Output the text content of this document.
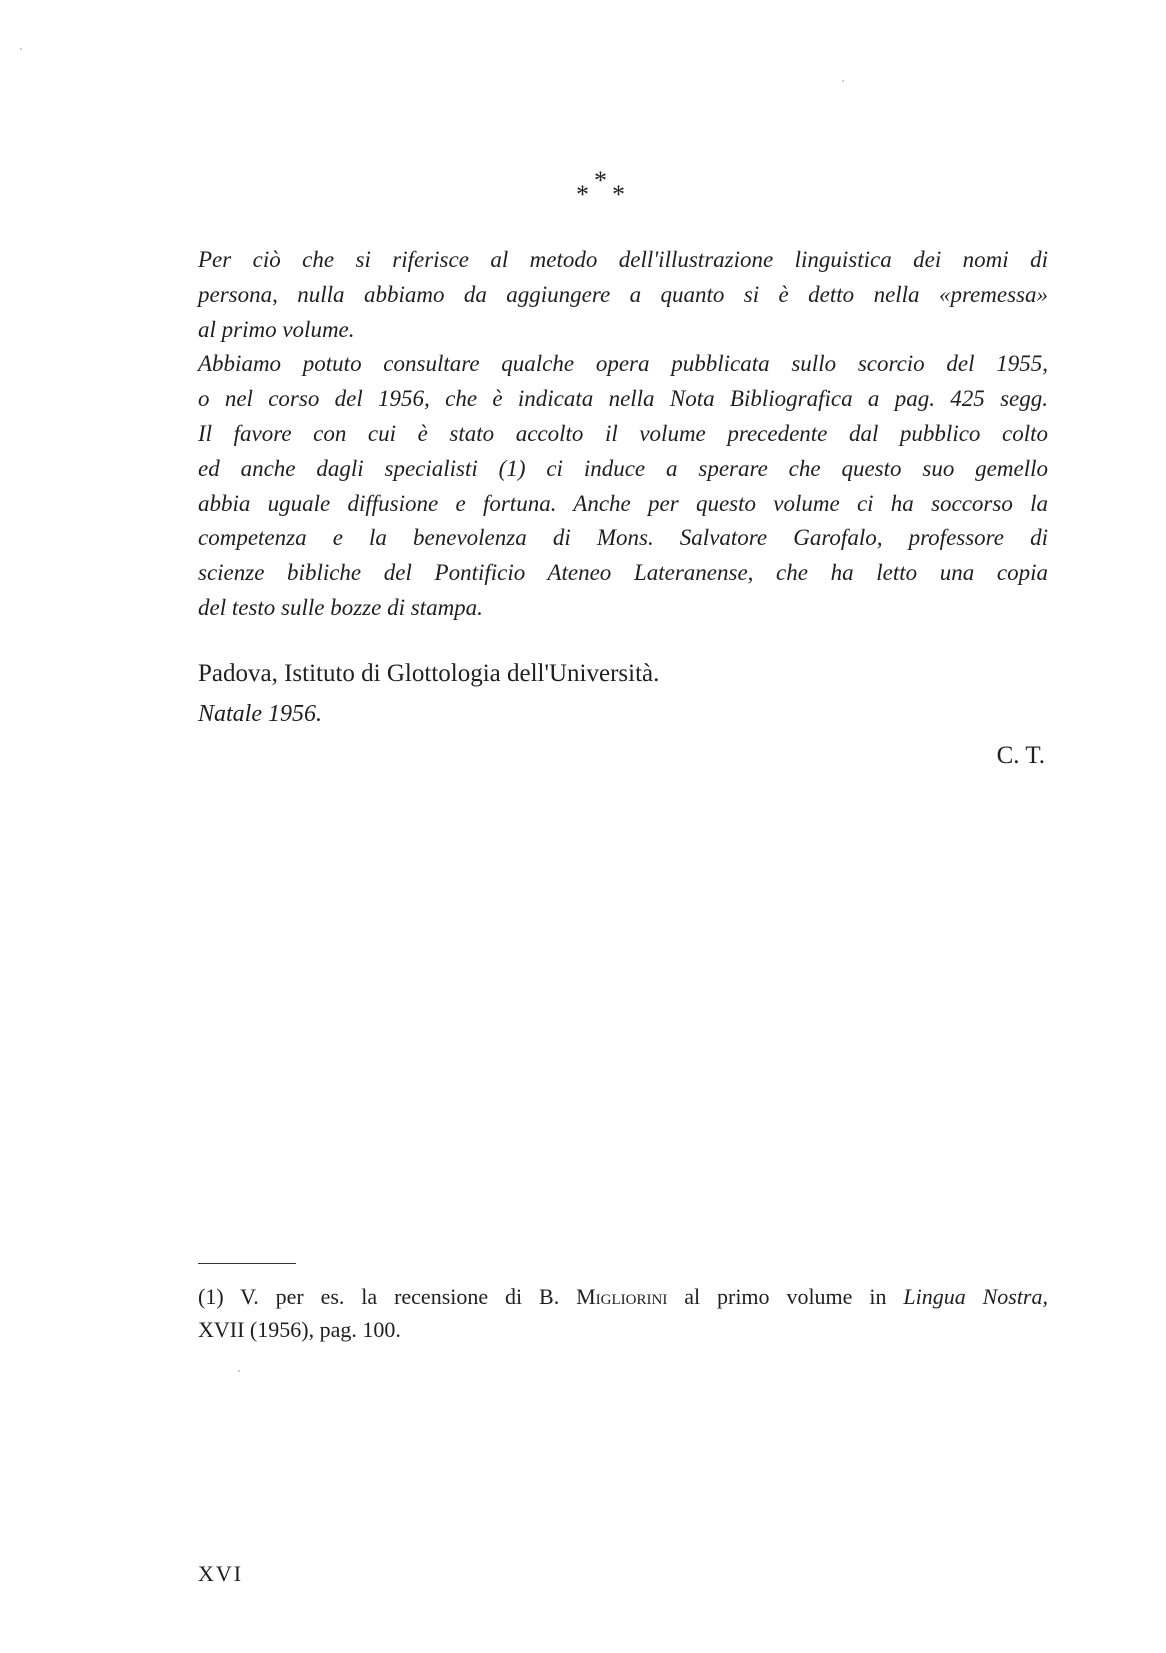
*
* *
Per ciò che si riferisce al metodo dell'illustrazione linguistica dei nomi di
persona, nulla abbiamo da aggiungere a quanto si è detto nella «premessa»
al primo volume.
Abbiamo potuto consultare qualche opera pubblicata sullo scorcio del 1955,
o nel corso del 1956, che è indicata nella Nota Bibliografica a pag. 425 segg.
Il favore con cui è stato accolto il volume precedente dal pubblico colto
ed anche dagli specialisti (1) ci induce a sperare che questo suo gemello
abbia uguale diffusione e fortuna. Anche per questo volume ci ha soccorso la
competenza e la benevolenza di Mons. Salvatore Garofalo, professore di
scienze bibliche del Pontificio Ateneo Lateranense, che ha letto una copia
del testo sulle bozze di stampa.
Padova, Istituto di Glottologia dell'Università.
Natale 1956.
C. T.
(1) V. per es. la recensione di B. Migliorini al primo volume in Lingua Nostra,
XVII (1956), pag. 100.
XVI
